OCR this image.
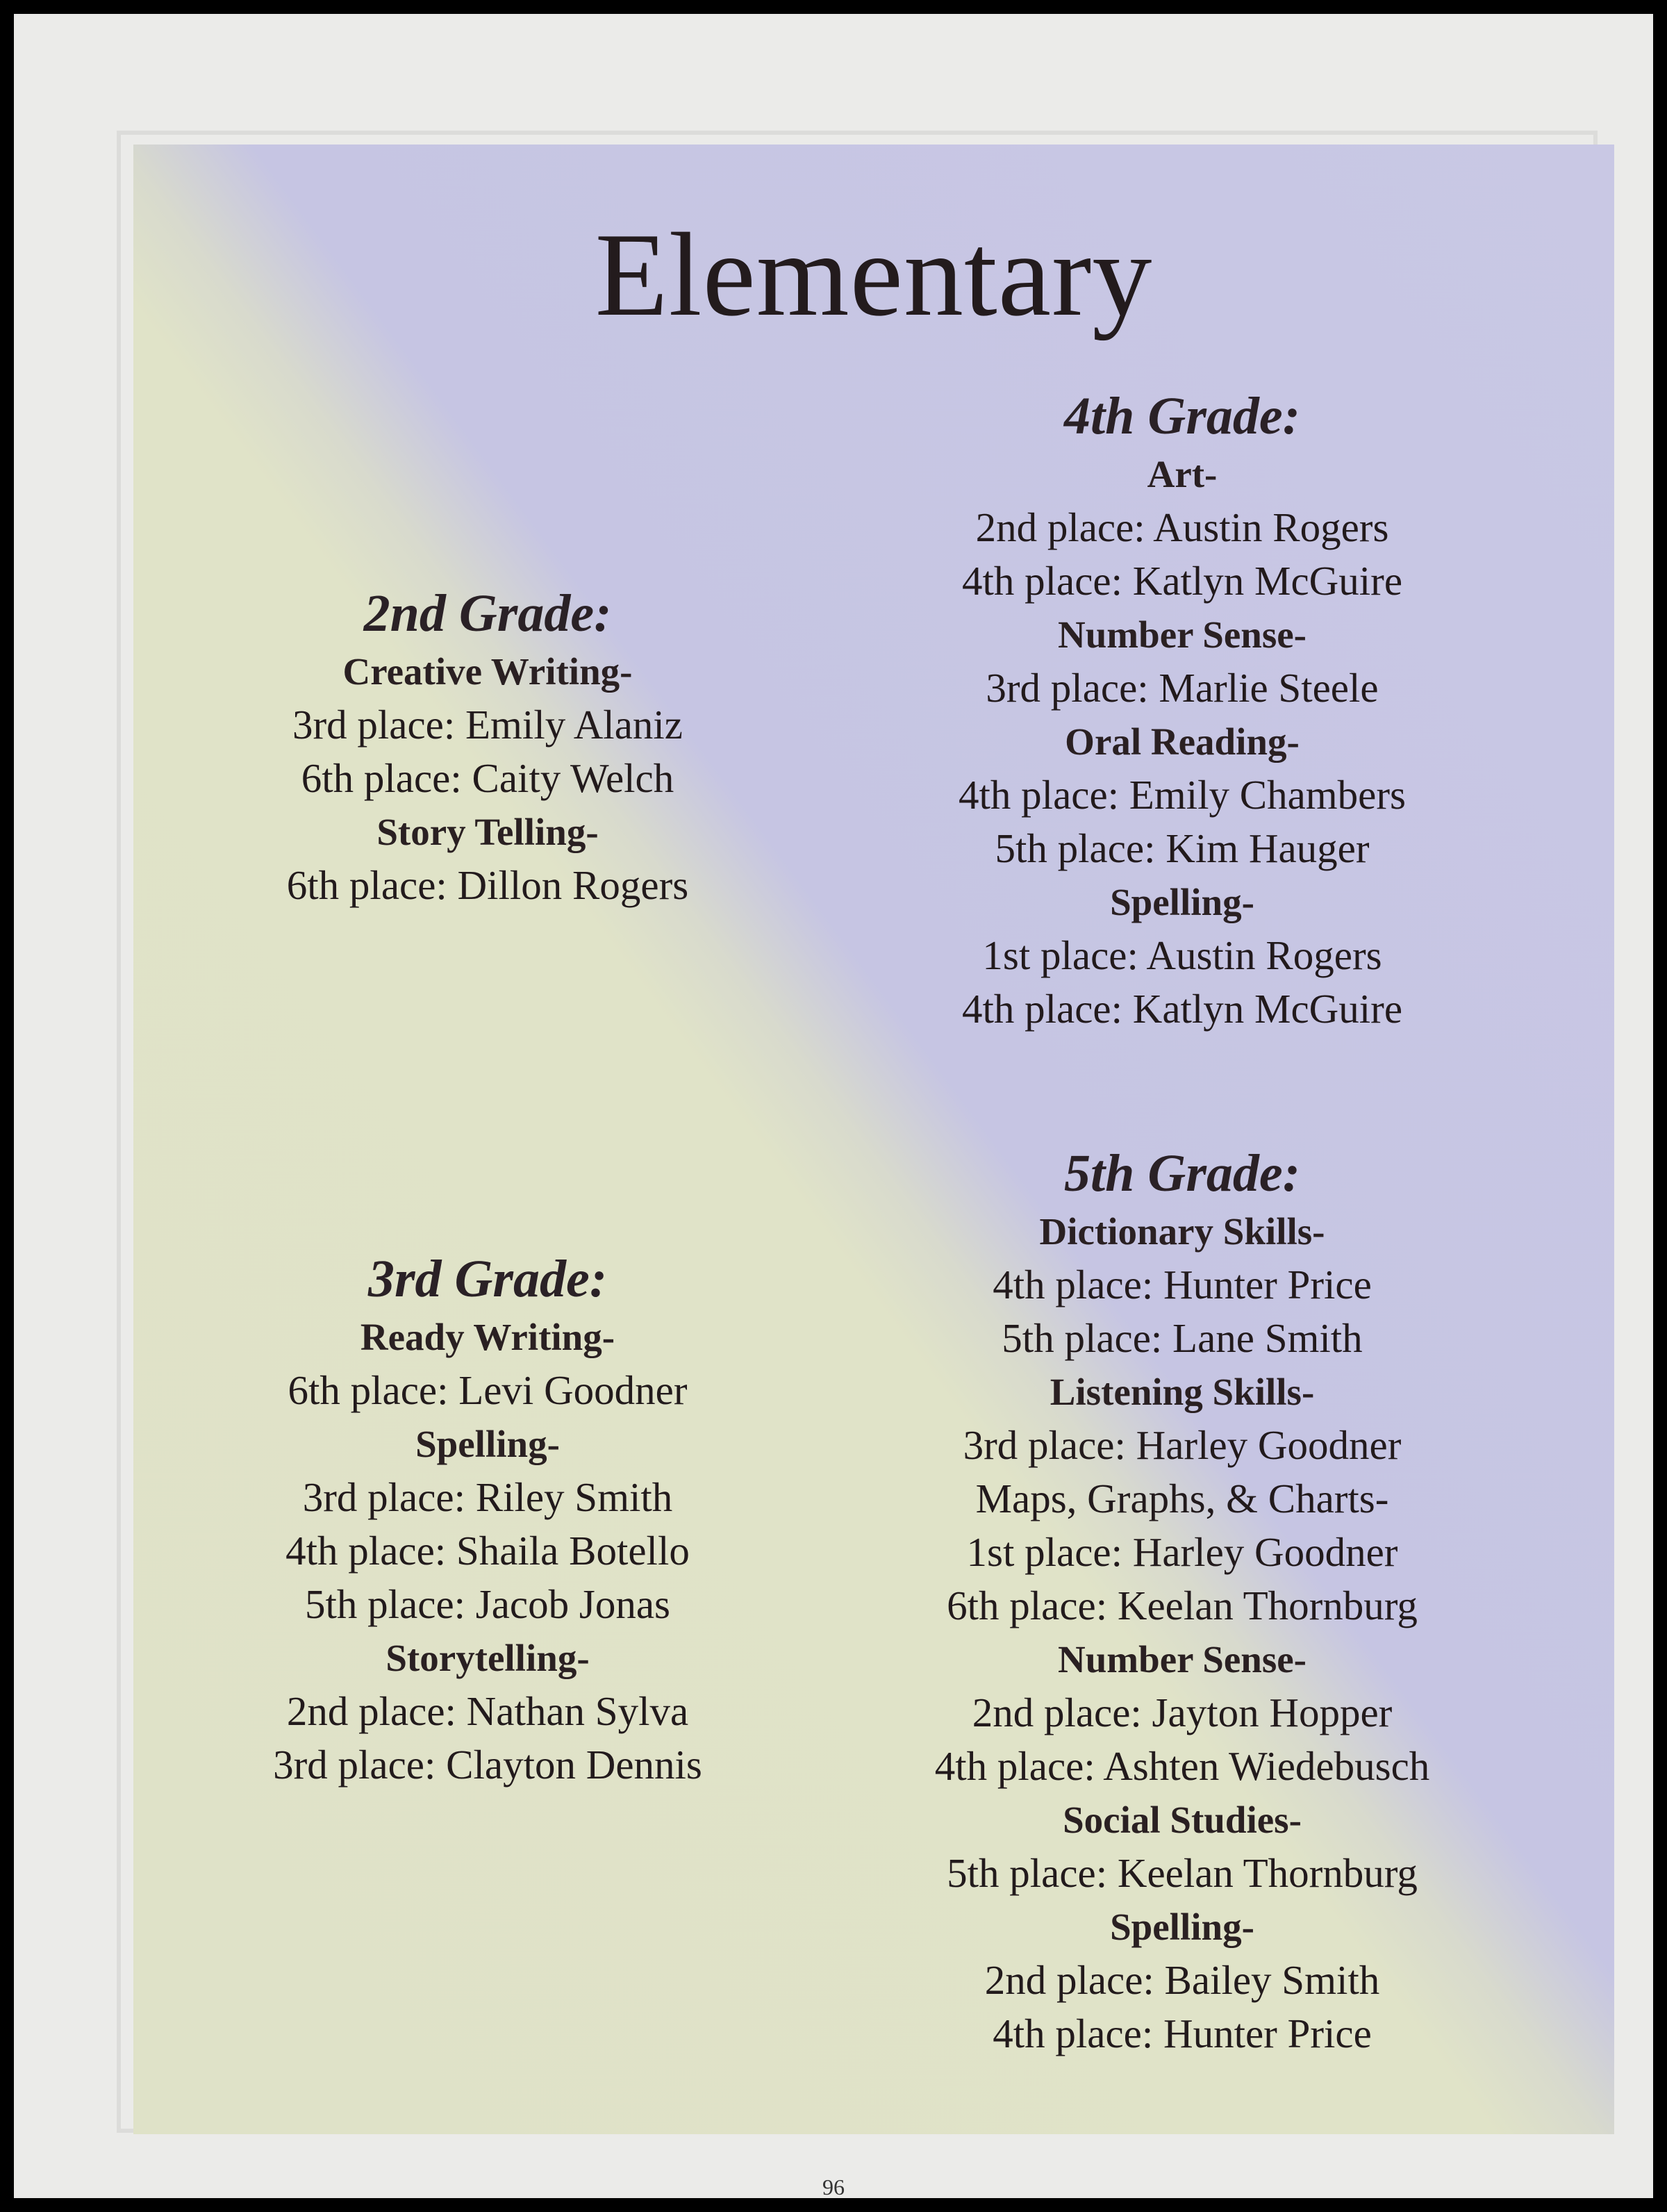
Elementary
2nd Grade:
Creative Writing-
3rd place: Emily Alaniz
6th place: Caity Welch
Story Telling-
6th place: Dillon Rogers
3rd Grade:
Ready Writing-
6th place: Levi Goodner
Spelling-
3rd place: Riley Smith
4th place: Shaila Botello
5th place: Jacob Jonas
Storytelling-
2nd place: Nathan Sylva
3rd place: Clayton Dennis
4th Grade:
Art-
2nd place: Austin Rogers
4th place: Katlyn McGuire
Number Sense-
3rd place: Marlie Steele
Oral Reading-
4th place: Emily Chambers
5th place: Kim Hauger
Spelling-
1st place: Austin Rogers
4th place: Katlyn McGuire
5th Grade:
Dictionary Skills-
4th place: Hunter Price
5th place: Lane Smith
Listening Skills-
3rd place: Harley Goodner
Maps, Graphs, & Charts-
1st place: Harley Goodner
6th place: Keelan Thornburg
Number Sense-
2nd place: Jayton Hopper
4th place: Ashten Wiedebusch
Social Studies-
5th place: Keelan Thornburg
Spelling-
2nd place: Bailey Smith
4th place: Hunter Price
96
